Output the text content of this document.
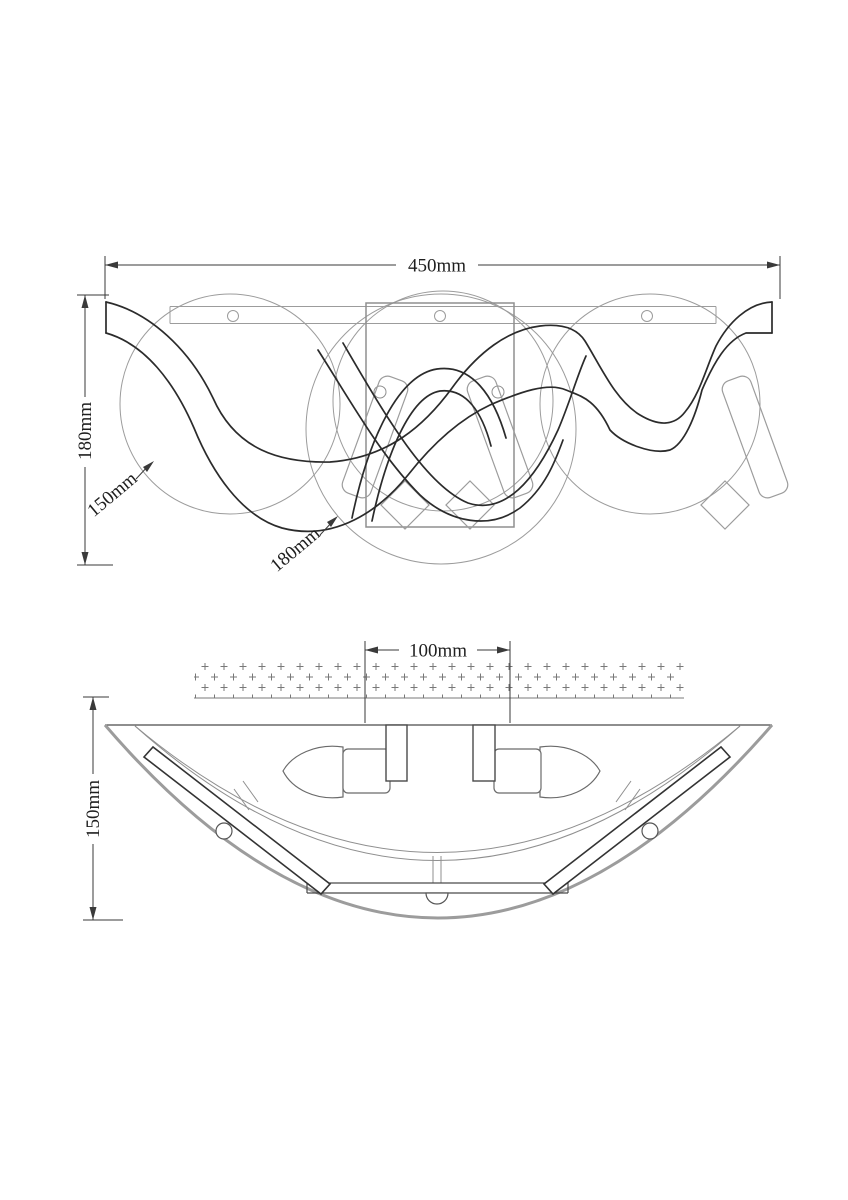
450mm
180mm
150mm
180mm
100mm
150mm
